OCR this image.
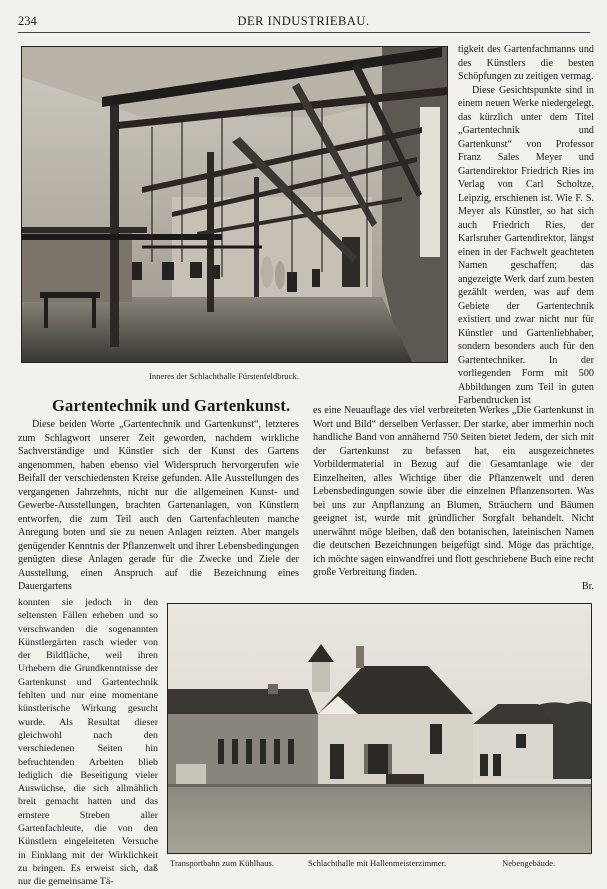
234	DER INDUSTRIEBAU.
Inneres der Schlachthalle Fürstenfeldbruck.

tigkeit des Gartenfachmanns und des Künstlers die besten Schöpfungen zu zeitigen vermag.

Diese Gesichtspunkte sind in einem neuen Werke niedergelegt, das kürzlich unter dem Titel „Gartentechnik und Gartenkunst“ von Professor Franz Sales Meyer und Gartendirektor Friedrich Ries im Verlag von Carl Scholtze, Leipzig, erschienen ist. Wie F. S. Meyer als Künstler, so hat sich auch Friedrich Ries, der Karlsruher Gartendirektor, längst einen in der Fachwelt geachteten Namen geschaffen; das angezeigte Werk darf zum besten gezählt werden, was auf dem Gebiete der Gartentechnik existiert und zwar nicht nur für Künstler und Gartenliebhaber, sondern besonders auch für den Gartentechniker. In der vorliegenden Form mit 500 Abbildungen zum Teil in guten Farbendrucken ist

Gartentechnik und Gartenkunst.

Diese beiden Worte „Gartentechnik und Gartenkunst“, letzteres zum Schlagwort unserer Zeit geworden, nachdem wirkliche Sachverständige und Künstler sich der Kunst des Gartens angenommen, haben ebenso viel Widerspruch hervorgerufen wie Beifall der verschiedensten Kreise gefunden. Alle Ausstellungen des vergangenen Jahrzehnts, nicht nur die allgemeinen Kunst- und Gewerbe-Ausstellungen, brachten Gartenanlagen, von Künstlern entworfen, die zum Teil auch den Gartenfachleuten manche Anregung boten und sie zu neuen Anlagen reizten. Aber mangels genügender Kenntnis der Pflanzenwelt und ihrer Lebensbedingungen genügten diese Anlagen gerade für die Zwecke und Ziele der Ausstellung, einen Anspruch auf die Bezeichnung eines Dauergartens

es eine Neuauflage des viel verbreiteten Werkes „Die Gartenkunst in Wort und Bild“ derselben Verfasser. Der starke, aber immerhin noch handliche Band von annähernd 750 Seiten bietet Jedem, der sich mit der Gartenkunst zu befassen hat, ein ausgezeichnetes Vorbildermaterial in Bezug auf die Gesamtanlage wie der Einzelheiten, alles Wichtige über die Pflanzenwelt und deren Lebensbedingungen sowie über die einzelnen Pflanzensorten. Was bei uns zur Anpflanzung an Blumen, Sträuchern und Bäumen geeignet ist, wurde mit gründlicher Sorgfalt behandelt. Nicht unerwähnt möge bleiben, daß den botanischen, lateinischen Namen die deutschen Bezeichnungen beigefügt sind. Möge das prächtige, ich möchte sagen einwandfrei und flott geschriebene Buch eine recht große Verbreitung finden.

Br.

konnten sie jedoch in den seltensten Fällen erheben und so verschwanden die sogenannten Künstlergärten rasch wieder von der Bildfläche, weil ihren Urhebern die Grundkenntnisse der Gartenkunst und Gartentechnik fehlten und nur eine momentane künstlerische Wirkung gesucht wurde. Als Resultat dieser gleichwohl nach den verschiedenen Seiten hin befruchtenden Arbeiten blieb lediglich die Beseitigung vieler Auswüchse, die sich allmählich breit gemacht hatten und das ernstere Streben aller Gartenfachleute, die von den Künstlern eingeleiteten Versuche in Einklang mit der Wirklichkeit zu bringen. Es erweist sich, daß nur die gemeinsame Tä-

Transportbahn zum Kühlhaus.	Schlachthalle mit Hallenmeisterzimmer.	Nebengebäude.
